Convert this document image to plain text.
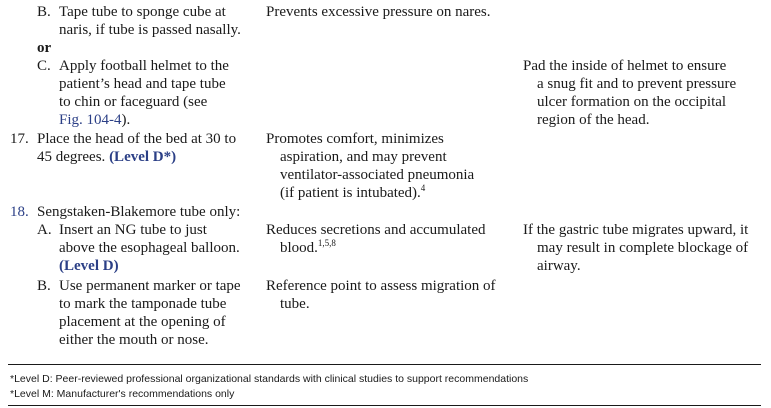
B. Tape tube to sponge cube at
naris, if tube is passed nasally.
Prevents excessive pressure on nares.
or
C. Apply football helmet to the
patient’s head and tape tube
to chin or faceguard (see
Fig. 104-4).
Pad the inside of helmet to ensure
a snug fit and to prevent pressure
ulcer formation on the occipital
region of the head.
17. Place the head of the bed at 30 to
45 degrees. (Level D*)
Promotes comfort, minimizes
aspiration, and may prevent
ventilator-associated pneumonia
(if patient is intubated).$^4$
18. Sengstaken-Blakemore tube only:
A. Insert an NG tube to just
above the esophageal balloon.
(Level D)
Reduces secretions and accumulated
blood.$^{1,5,8}$
If the gastric tube migrates upward, it
may result in complete blockage of
airway.
B. Use permanent marker or tape
to mark the tamponade tube
placement at the opening of
either the mouth or nose.
Reference point to assess migration of
tube.
*Level D: Peer-reviewed professional organizational standards with clinical studies to support recommendations
*Level M: Manufacturer's recommendations only
